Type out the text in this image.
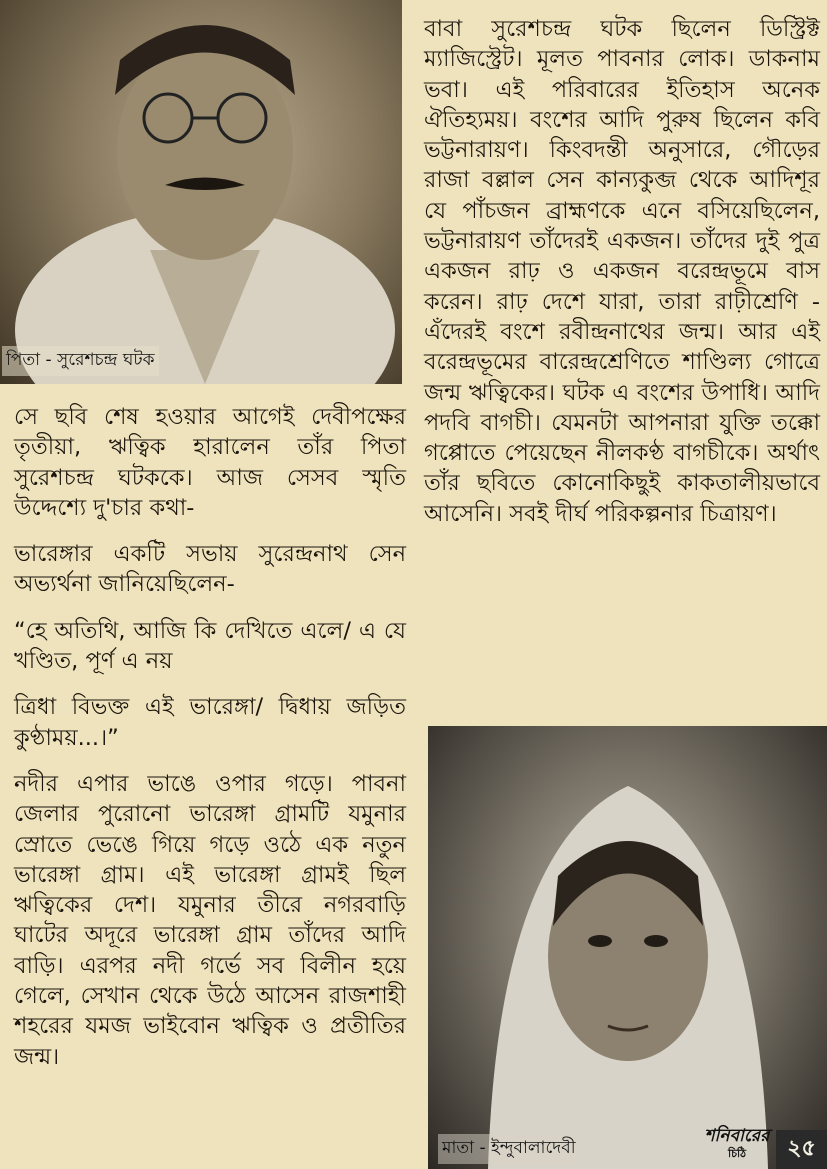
পিতা - সুরেশচন্দ্র ঘটক

বাবা সুরেশচন্দ্র ঘটক ছিলেন ডিস্ট্রিক্ট ম্যাজিস্ট্রেট। মূলত পাবনার লোক। ডাকনাম ভবা। এই পরিবারের ইতিহাস অনেক ঐতিহ্যময়। বংশের আদি পুরুষ ছিলেন কবি ভট্টনারায়ণ। কিংবদন্তী অনুসারে, গৌড়ের রাজা বল্লাল সেন কান্যকুব্জ থেকে আদিশূর যে পাঁচজন ব্রাহ্মণকে এনে বসিয়েছিলেন, ভট্টনারায়ণ তাঁদেরই একজন। তাঁদের দুই পুত্র একজন রাঢ় ও একজন বরেন্দ্রভূমে বাস করেন। রাঢ় দেশে যারা, তারা রাঢ়ীশ্রেণি - এঁদেরই বংশে রবীন্দ্রনাথের জন্ম। আর এই বরেন্দ্রভূমের বারেন্দ্রশ্রেণিতে শাণ্ডিল্য গোত্রে জন্ম ঋত্বিকের। ঘটক এ বংশের উপাধি। আদি পদবি বাগচী। যেমনটা আপনারা যুক্তি তক্কো গপ্পোতে পেয়েছেন নীলকণ্ঠ বাগচীকে। অর্থাৎ তাঁর ছবিতে কোনোকিছুই কাকতালীয়ভাবে আসেনি। সবই দীর্ঘ পরিকল্পনার চিত্রায়ণ।

সে ছবি শেষ হওয়ার আগেই দেবীপক্ষের তৃতীয়া, ঋত্বিক হারালেন তাঁর পিতা সুরেশচন্দ্র ঘটককে। আজ সেসব স্মৃতি উদ্দেশ্যে দু'চার কথা-

ভারেঙ্গার একটি সভায় সুরেন্দ্রনাথ সেন অভ্যর্থনা জানিয়েছিলেন-

“হে অতিথি, আজি কি দেখিতে এলে/ এ যে খণ্ডিত, পূর্ণ এ নয়

ত্রিধা বিভক্ত এই ভারেঙ্গা/ দ্বিধায় জড়িত কুণ্ঠাময়...।”

নদীর এপার ভাঙে ওপার গড়ে। পাবনা জেলার পুরোনো ভারেঙ্গা গ্রামটি যমুনার স্রোতে ভেঙে গিয়ে গড়ে ওঠে এক নতুন ভারেঙ্গা গ্রাম। এই ভারেঙ্গা গ্রামই ছিল ঋত্বিকের দেশ। যমুনার তীরে নগরবাড়ি ঘাটের অদূরে ভারেঙ্গা গ্রাম তাঁদের আদি বাড়ি। এরপর নদী গর্ভে সব বিলীন হয়ে গেলে, সেখান থেকে উঠে আসেন রাজশাহী শহরের যমজ ভাইবোন ঋত্বিক ও প্রতীতির জন্ম।

মাতা - ইন্দুবালাদেবী
শনিবারের
চিঠি	২৫
